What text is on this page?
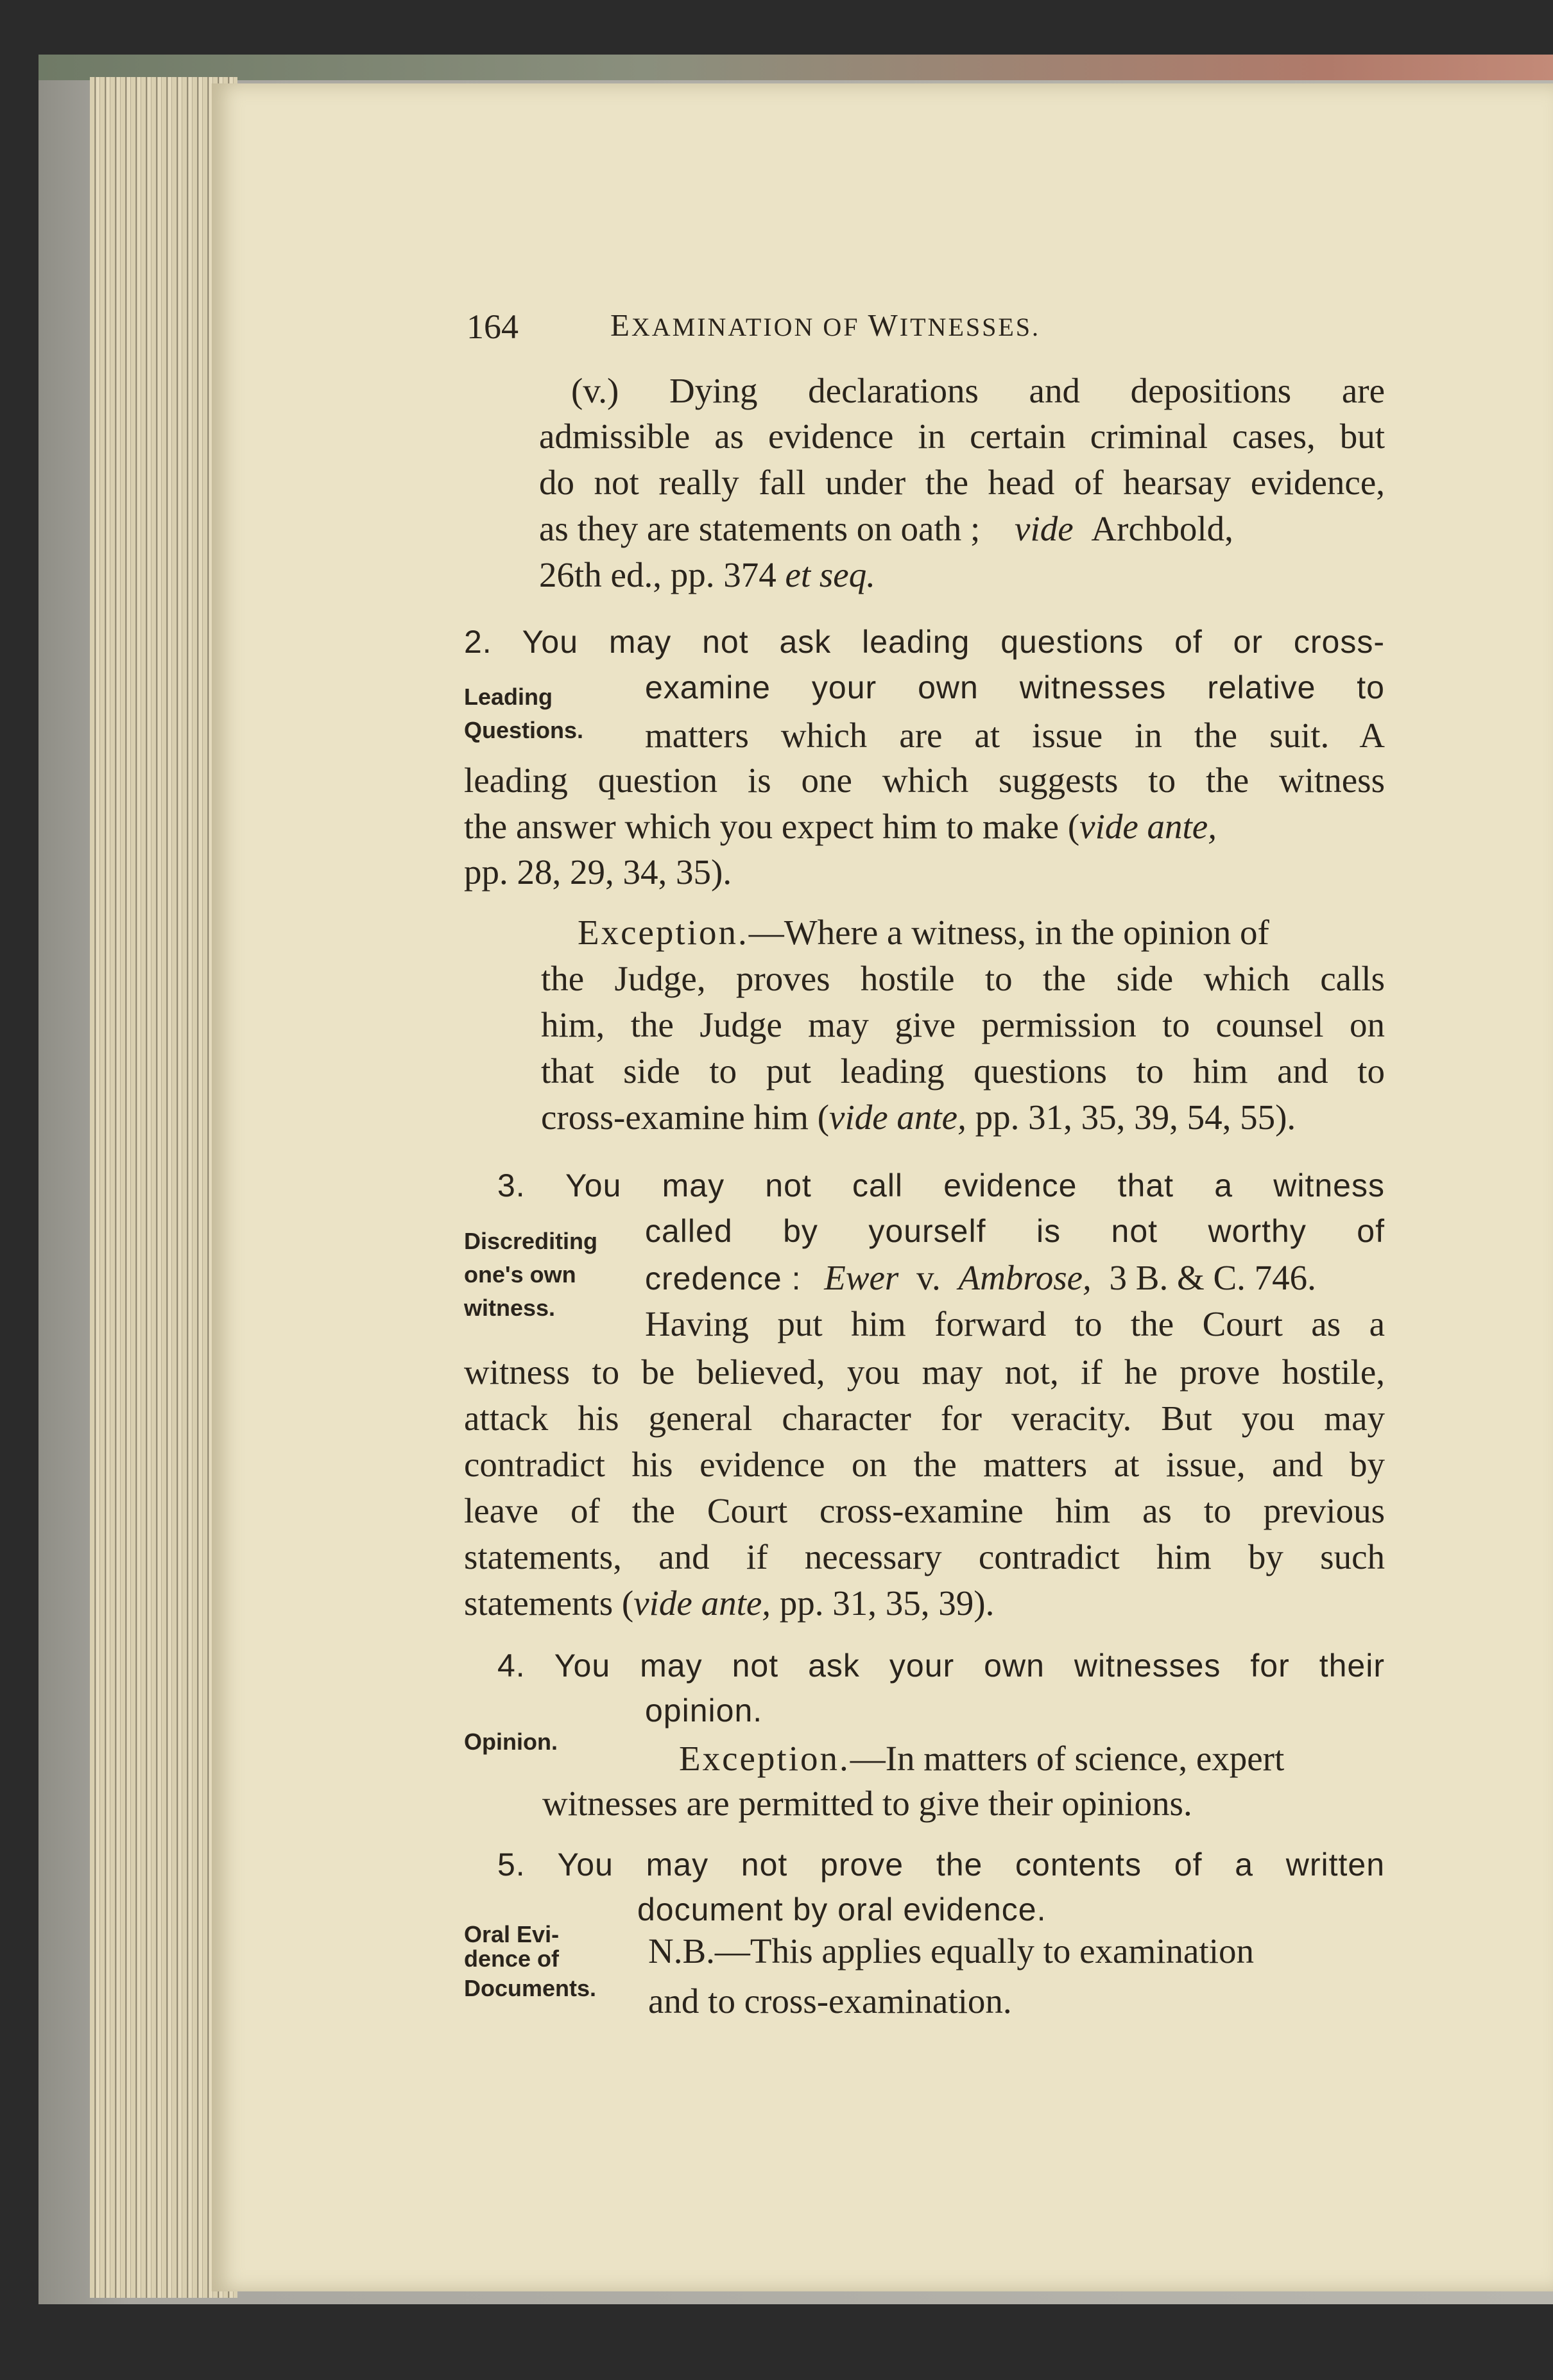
164	EXAMINATION OF WITNESSES.
(v.) Dying declarations and depositions are
admissible as evidence in certain criminal cases, but
do not really fall under the head of hearsay evidence,
as they are statements on oath ; vide Archbold,
26th ed., pp. 374 et seq.
2. You may not ask leading questions of or cross-
Leading
Questions.
examine your own witnesses relative to
matters which are at issue in the suit. A
leading question is one which suggests to the witness
the answer which you expect him to make (vide ante,
pp. 28, 29, 34, 35).
Exception.—Where a witness, in the opinion of
the Judge, proves hostile to the side which calls
him, the Judge may give permission to counsel on
that side to put leading questions to him and to
cross-examine him (vide ante, pp. 31, 35, 39, 54, 55).
3. You may not call evidence that a witness
Discrediting
one's own
witness.
called by yourself is not worthy of
credence : Ewer v. Ambrose, 3 B. & C. 746.
Having put him forward to the Court as a
witness to be believed, you may not, if he prove hostile,
attack his general character for veracity. But you may
contradict his evidence on the matters at issue, and by
leave of the Court cross-examine him as to previous
statements, and if necessary contradict him by such
statements (vide ante, pp. 31, 35, 39).
4. You may not ask your own witnesses for their
opinion.
Opinion.	Exception.—In matters of science, expert
witnesses are permitted to give their opinions.
5. You may not prove the contents of a written
document by oral evidence.
Oral Evi-
dence of
Documents.
N.B.—This applies equally to examination
and to cross-examination.
